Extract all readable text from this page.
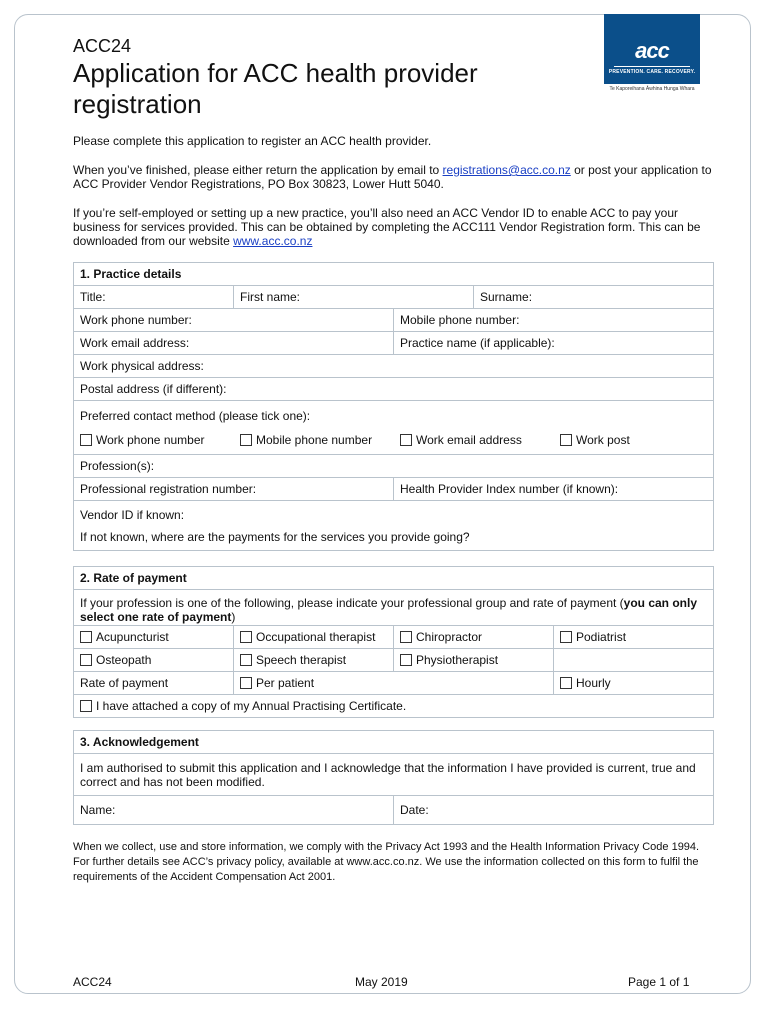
acc
PREVENTION. CARE. RECOVERY.
Te Kaporeihana Āwhina Hunga Whara
ACC24
Application for ACC health provider registration
Please complete this application to register an ACC health provider.
When you’ve finished, please either return the application by email to registrations@acc.co.nz or post your application to ACC Provider Vendor Registrations, PO Box 30823, Lower Hutt 5040.
If you’re self-employed or setting up a new practice, you’ll also need an ACC Vendor ID to enable ACC to pay your business for services provided. This can be obtained by completing the ACC111 Vendor Registration form. This can be downloaded from our website www.acc.co.nz
1. Practice details			
Title:	First name:		Surname:
Work phone number:		Mobile phone number:	
Work email address:		Practice name (if applicable):	
Work physical address:			
Postal address (if different):			

Preferred contact method (please tick one):
Work phone number Mobile phone number Work email address Work post			

Profession(s):			
Professional registration number:		Health Provider Index number (if known):	

Vendor ID if known:
If not known, where are the payments for the services you provide going?			
2. Rate of payment			
If your profession is one of the following, please indicate your professional group and rate of payment (you can only select one rate of payment)			
Acupuncturist	Occupational therapist	Chiropractor	Podiatrist
Osteopath	Speech therapist	Physiotherapist	
Rate of payment	Per patient		Hourly
I have attached a copy of my Annual Practising Certificate.			
3. Acknowledgement
I am authorised to submit this application and I acknowledge that the information I have provided is current, true and correct and has not been modified.
Name:	Date:
When we collect, use and store information, we comply with the Privacy Act 1993 and the Health Information Privacy Code 1994. For further details see ACC’s privacy policy, available at www.acc.co.nz. We use the information collected on this form to fulfil the requirements of the Accident Compensation Act 2001.
ACC24	May 2019	Page 1 of 1
